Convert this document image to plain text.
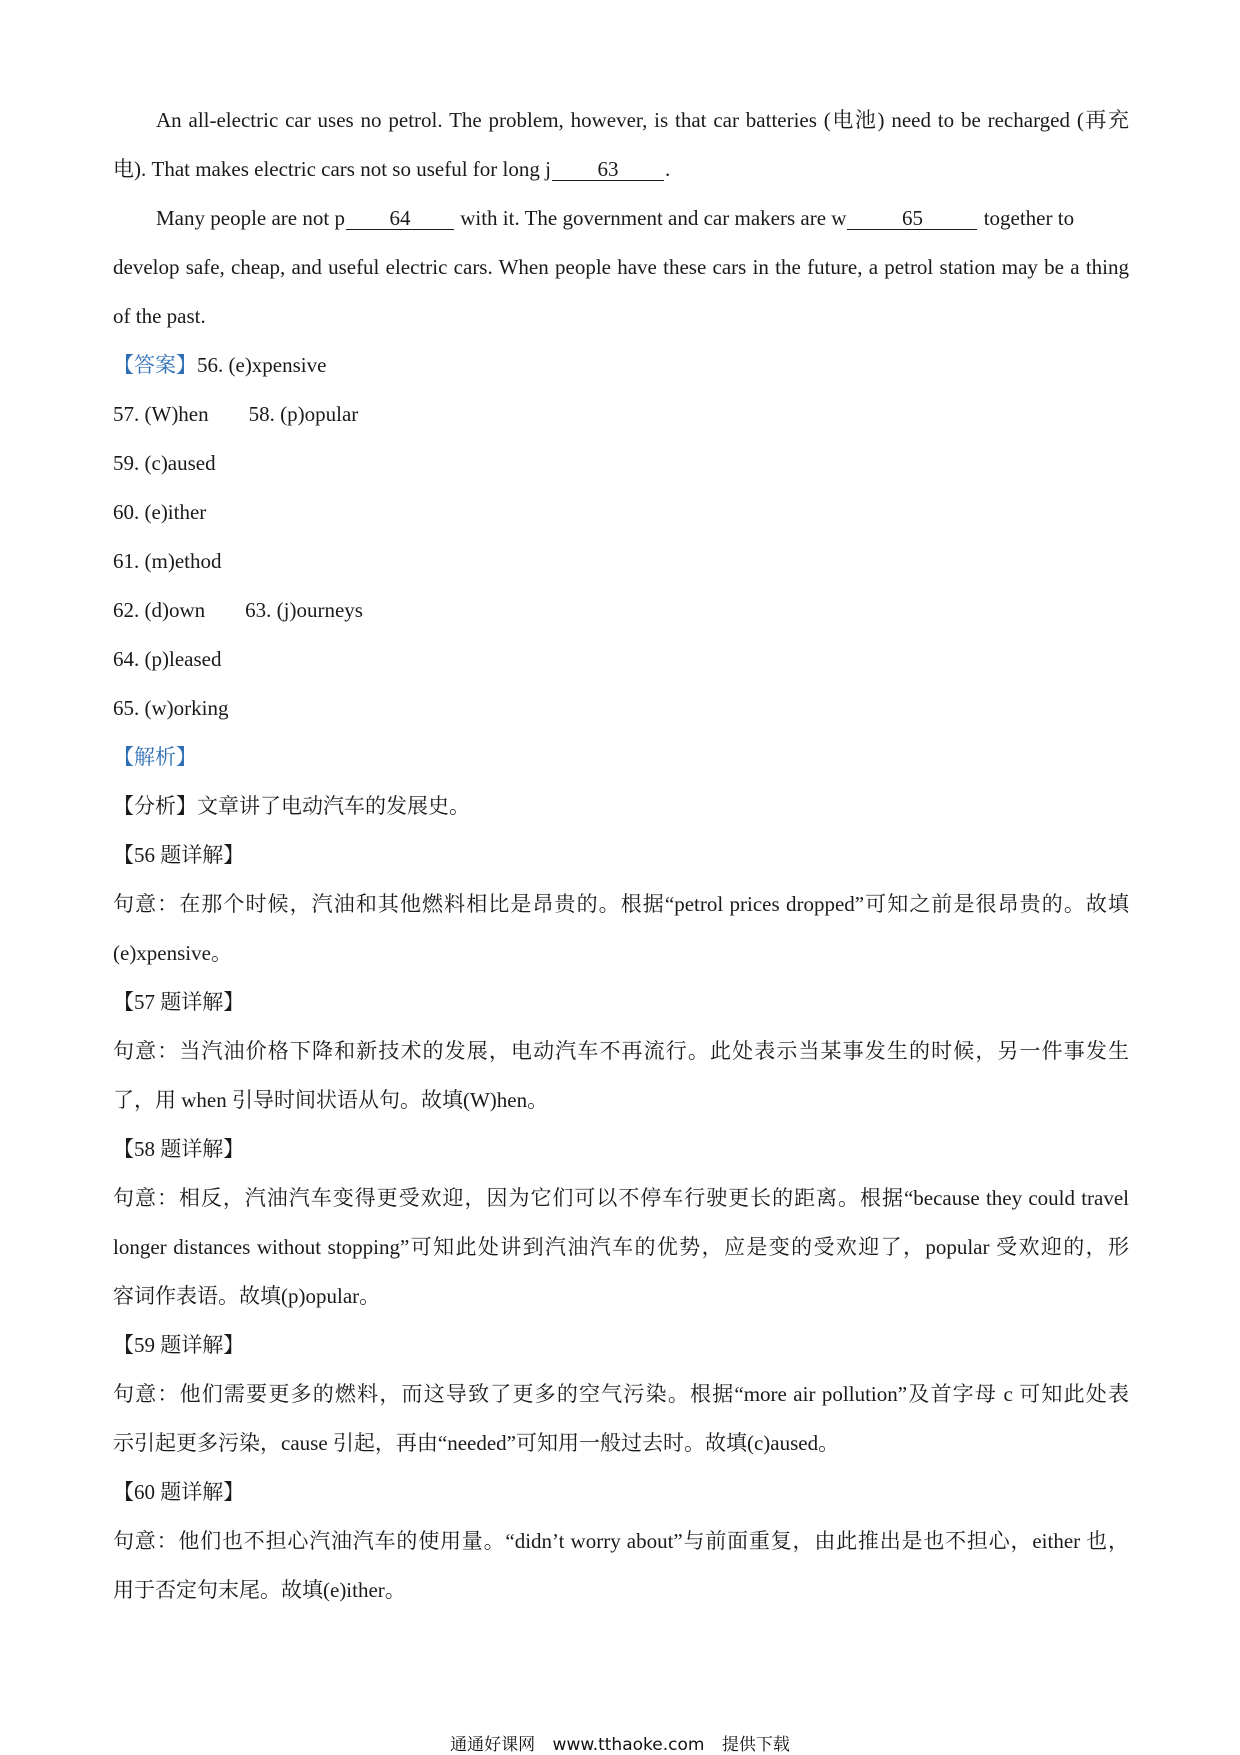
An all-electric car uses no petrol. The problem, however, is that car batteries (电池) need to be recharged (再充
电). That makes electric cars not so useful for long j 63 .
Many people are not p 64 with it. The government and car makers are w	65	together to
develop safe, cheap, and useful electric cars. When people have these cars in the future, a petrol station may be a thing
of the past.
【答案】56. (e)xpensive
57. (W)hen 58. (p)opular
59. (c)aused
60. (e)ither
61. (m)ethod
62. (d)own 63. (j)ourneys
64. (p)leased
65. (w)orking
【解析】
【分析】文章讲了电动汽车的发展史。
【56 题详解】
句意：在那个时候，汽油和其他燃料相比是昂贵的。根据“petrol prices dropped”可知之前是很昂贵的。故填
(e)xpensive。
【57 题详解】
句意：当汽油价格下降和新技术的发展，电动汽车不再流行。此处表示当某事发生的时候，另一件事发生
了，用 when 引导时间状语从句。故填(W)hen。
【58 题详解】
句意：相反，汽油汽车变得更受欢迎，因为它们可以不停车行驶更长的距离。根据“because they could travel
longer distances without stopping”可知此处讲到汽油汽车的优势，应是变的受欢迎了，popular 受欢迎的，形
容词作表语。故填(p)opular。
【59 题详解】
句意：他们需要更多的燃料，而这导致了更多的空气污染。根据“more air pollution”及首字母 c 可知此处表
示引起更多污染，cause 引起，再由“needed”可知用一般过去时。故填(c)aused。
【60 题详解】
句意：他们也不担心汽油汽车的使用量。“didn’t worry about”与前面重复，由此推出是也不担心，either 也，
用于否定句末尾。故填(e)ither。
通通好课网 www.tthaoke.com 提供下载
